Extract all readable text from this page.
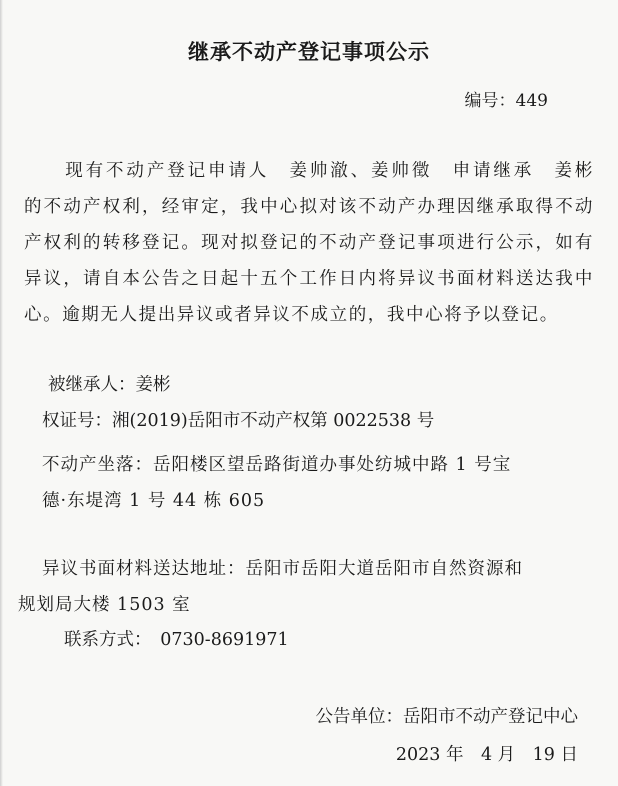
继承不动产登记事项公示
编号：449
现有不动产登记申请人　姜帅澈、姜帅徵　申请继承　姜彬　的不动产权利，经审定，我中心拟对该不动产办理因继承取得不动产权利的转移登记。现对拟登记的不动产登记事项进行公示，如有异议，请自本公告之日起十五个工作日内将异议书面材料送达我中心。逾期无人提出异议或者异议不成立的，我中心将予以登记。
被继承人：姜彬
权证号：湘(2019)岳阳市不动产权第 0022538 号
不动产坐落：岳阳楼区望岳路街道办事处纺城中路 1 号宝
德·东堤湾 1 号 44 栋 605
异议书面材料送达地址：岳阳市岳阳大道岳阳市自然资源和
规划局大楼 1503 室
联系方式：　0730-8691971
公告单位：岳阳市不动产登记中心
2023 年　4 月　19 日
